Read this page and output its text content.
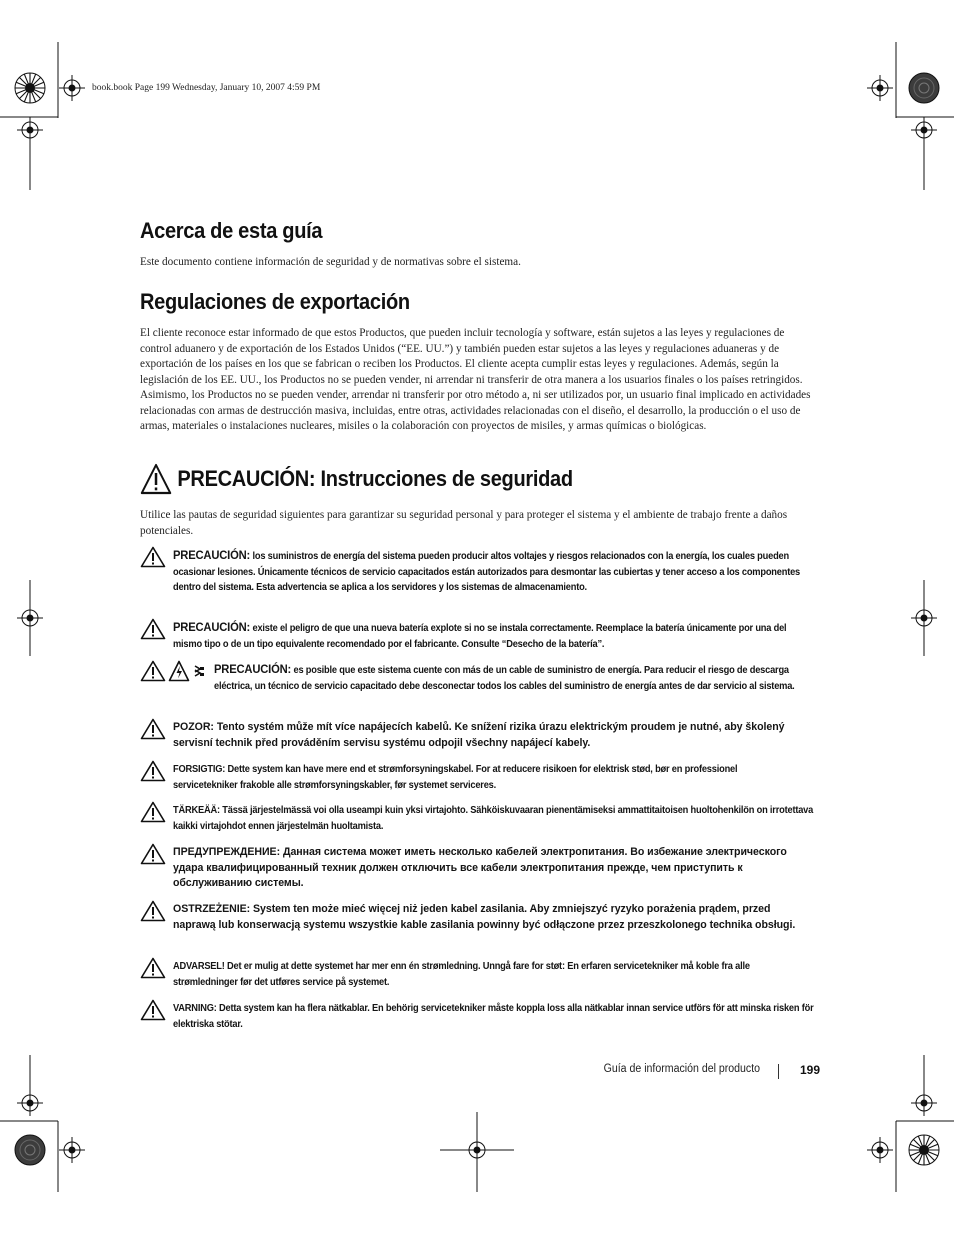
book.book Page 199 Wednesday, January 10, 2007 4:59 PM

Acerca de esta guía

Este documento contiene información de seguridad y de normativas sobre el sistema.

Regulaciones de exportación

El cliente reconoce estar informado de que estos Productos, que pueden incluir tecnología y software, están sujetos a las leyes y regulaciones de control aduanero y de exportación de los Estados Unidos (“EE. UU.”) y también pueden estar sujetos a las leyes y regulaciones aduaneras y de exportación de los países en los que se fabrican o reciben los Productos. El cliente acepta cumplir estas leyes y regulaciones. Además, según la legislación de los EE. UU., los Productos no se pueden vender, ni arrendar ni transferir de otra manera a los usuarios finales o los países retringidos. Asimismo, los Productos no se pueden vender, arrendar ni transferir por otro método a, ni ser utilizados por, un usuario final implicado en actividades relacionadas con armas de destrucción masiva, incluidas, entre otras, actividades relacionadas con el diseño, el desarrollo, la producción o el uso de armas, materiales o instalaciones nucleares, misiles o la colaboración con proyectos de misiles, y armas químicas o biológicas.

PRECAUCIÓN: Instrucciones de seguridad

Utilice las pautas de seguridad siguientes para garantizar su seguridad personal y para proteger el sistema y el ambiente de trabajo frente a daños potenciales.

PRECAUCIÓN: los suministros de energía del sistema pueden producir altos voltajes y riesgos relacionados con la energía, los cuales pueden ocasionar lesiones. Únicamente técnicos de servicio capacitados están autorizados para desmontar las cubiertas y tener acceso a los componentes dentro del sistema. Esta advertencia se aplica a los servidores y los sistemas de almacenamiento.
PRECAUCIÓN: existe el peligro de que una nueva batería explote si no se instala correctamente. Reemplace la batería únicamente por una del mismo tipo o de un tipo equivalente recomendado por el fabricante. Consulte “Desecho de la batería”.
PRECAUCIÓN: es posible que este sistema cuente con más de un cable de suministro de energía. Para reducir el riesgo de descarga eléctrica, un técnico de servicio capacitado debe desconectar todos los cables del suministro de energía antes de dar servicio al sistema.
POZOR: Tento systém může mít více napájecích kabelů. Ke snížení rizika úrazu elektrickým proudem je nutné, aby školený servisní technik před prováděním servisu systému odpojil všechny napájecí kabely.
FORSIGTIG: Dette system kan have mere end et strømforsyningskabel. For at reducere risikoen for elektrisk stød, bør en professionel servicetekniker frakoble alle strømforsyningskabler, før systemet serviceres.
TÄRKEÄÄ: Tässä järjestelmässä voi olla useampi kuin yksi virtajohto. Sähköiskuvaaran pienentämiseksi ammattitaitoisen huoltohenkilön on irrotettava kaikki virtajohdot ennen järjestelmän huoltamista.
ПРЕДУПРЕЖДЕНИЕ: Данная система может иметь несколько кабелей электропитания. Во избежание электрического удара квалифицированный техник должен отключить все кабели электропитания прежде, чем приступить к обслуживанию системы.
OSTRZEŻENIE: System ten może mieć więcej niż jeden kabel zasilania. Aby zmniejszyć ryzyko porażenia prądem, przed naprawą lub konserwacją systemu wszystkie kable zasilania powinny być odłączone przez przeszkolonego technika obsługi.
ADVARSEL! Det er mulig at dette systemet har mer enn én strømledning. Unngå fare for støt: En erfaren servicetekniker må koble fra alle strømledninger før det utføres service på systemet.
VARNING: Detta system kan ha flera nätkablar. En behörig servicetekniker måste koppla loss alla nätkablar innan service utförs för att minska risken för elektriska stötar.
Guía de información del producto	199
